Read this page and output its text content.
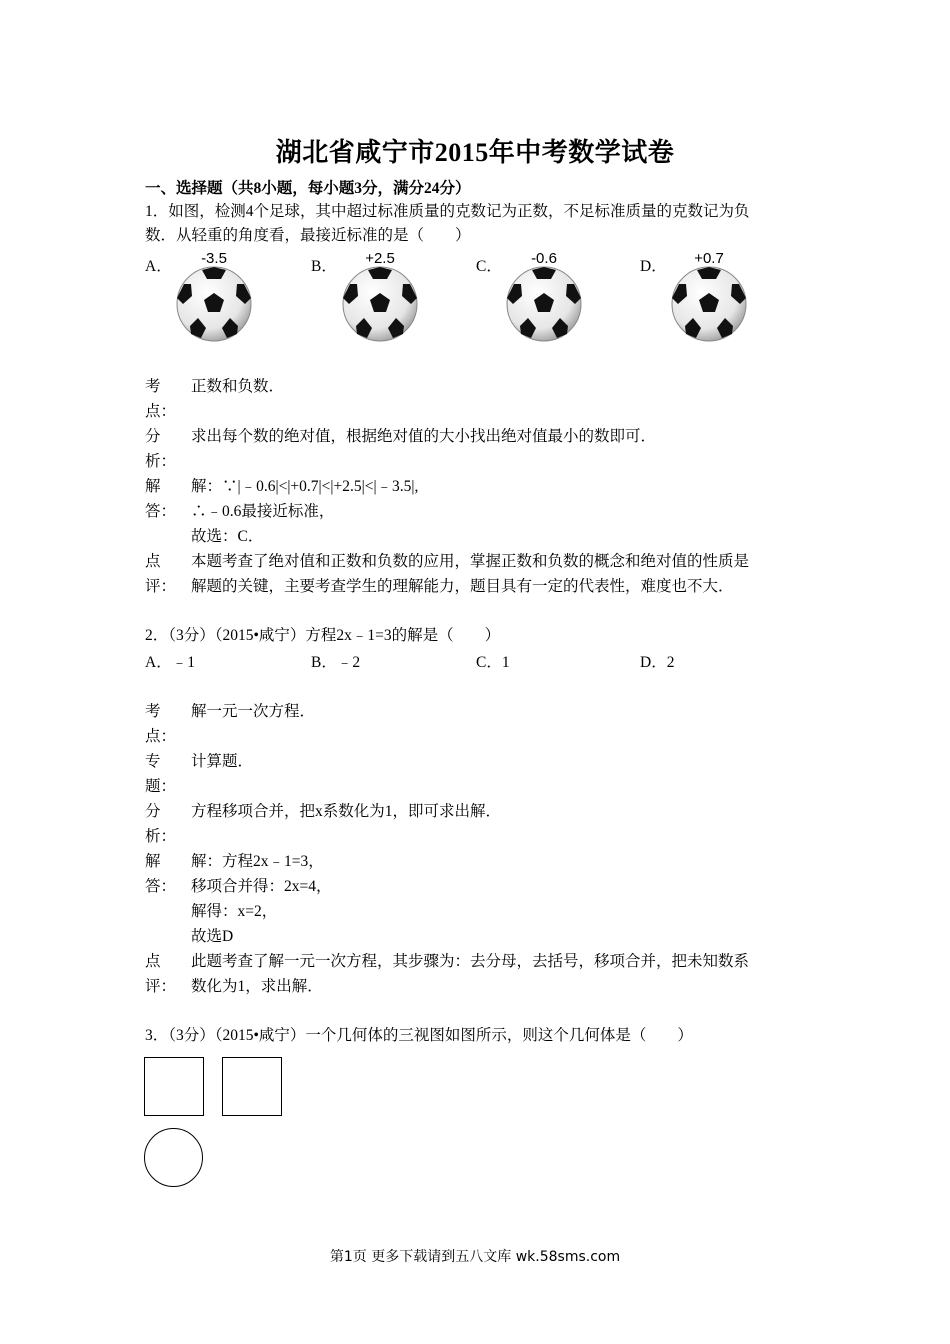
湖北省咸宁市2015年中考数学试卷
一、选择题（共8小题，每小题3分，满分24分）
1．如图，检测4个足球，其中超过标准质量的克数记为正数，不足标准质量的克数记为负
数．从轻重的角度看，最接近标准的是（　　）
A．	B．	C．	D．
-3.5	+2.5	-0.6	+0.7
考
点：
正数和负数．
分
析：
求出每个数的绝对值，根据绝对值的大小找出绝对值最小的数即可．
解
答：
解：∵|﹣0.6|<|+0.7|<|+2.5|<|﹣3.5|,
∴﹣0.6最接近标准，
故选：C．
点
评：
本题考查了绝对值和正数和负数的应用，掌握正数和负数的概念和绝对值的性质是
解题的关键，主要考查学生的理解能力，题目具有一定的代表性，难度也不大．
2．（3分）（2015•咸宁）方程2x﹣1=3的解是（　　）
A．﹣1	B．﹣2	C．1	D．2
考
点：
解一元一次方程．
专
题：
计算题．
分
析：
方程移项合并，把x系数化为1，即可求出解．
解
答：
解：方程2x﹣1=3，
移项合并得：2x=4，
解得：x=2，
故选D
点
评：
此题考查了解一元一次方程，其步骤为：去分母，去括号，移项合并，把未知数系
数化为1，求出解．
3．（3分）（2015•咸宁）一个几何体的三视图如图所示，则这个几何体是（　　）
第1页 更多下载请到五八文库 wk.58sms.com
